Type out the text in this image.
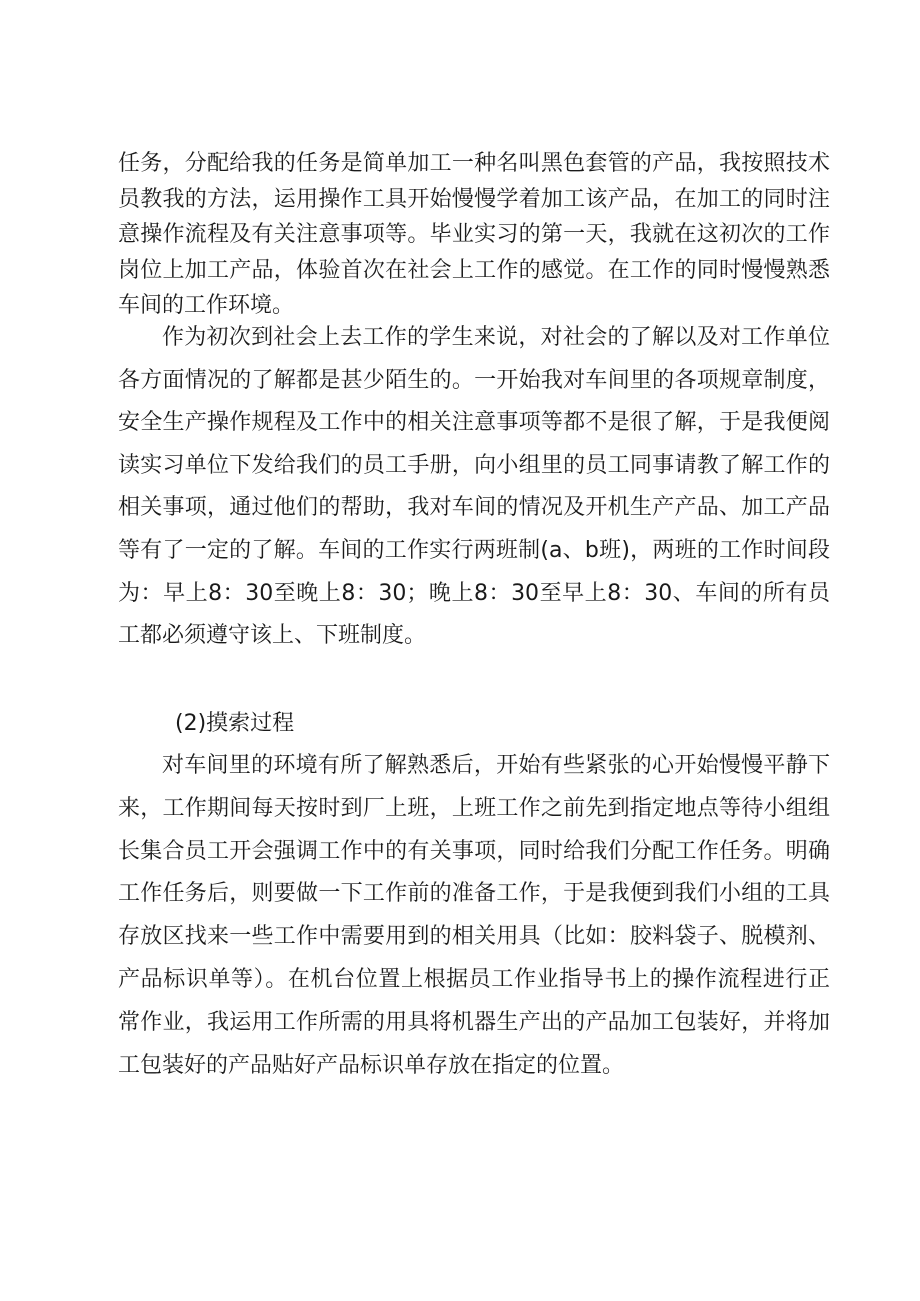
任务，分配给我的任务是简单加工一种名叫黑色套管的产品，我按照技术员教我的方法，运用操作工具开始慢慢学着加工该产品，在加工的同时注意操作流程及有关注意事项等。毕业实习的第一天，我就在这初次的工作岗位上加工产品，体验首次在社会上工作的感觉。在工作的同时慢慢熟悉车间的工作环境。

作为初次到社会上去工作的学生来说，对社会的了解以及对工作单位各方面情况的了解都是甚少陌生的。一开始我对车间里的各项规章制度，安全生产操作规程及工作中的相关注意事项等都不是很了解，于是我便阅读实习单位下发给我们的员工手册，向小组里的员工同事请教了解工作的相关事项，通过他们的帮助，我对车间的情况及开机生产产品、加工产品等有了一定的了解。车间的工作实行两班制(a、b班)，两班的工作时间段为：早上8：30至晚上8：30；晚上8：30至早上8：30、车间的所有员工都必须遵守该上、下班制度。

(2)摸索过程

对车间里的环境有所了解熟悉后，开始有些紧张的心开始慢慢平静下来，工作期间每天按时到厂上班，上班工作之前先到指定地点等待小组组长集合员工开会强调工作中的有关事项，同时给我们分配工作任务。明确工作任务后，则要做一下工作前的准备工作，于是我便到我们小组的工具存放区找来一些工作中需要用到的相关用具（比如：胶料袋子、脱模剂、产品标识单等）。在机台位置上根据员工作业指导书上的操作流程进行正常作业，我运用工作所需的用具将机器生产出的产品加工包装好，并将加工包装好的产品贴好产品标识单存放在指定的位置。
